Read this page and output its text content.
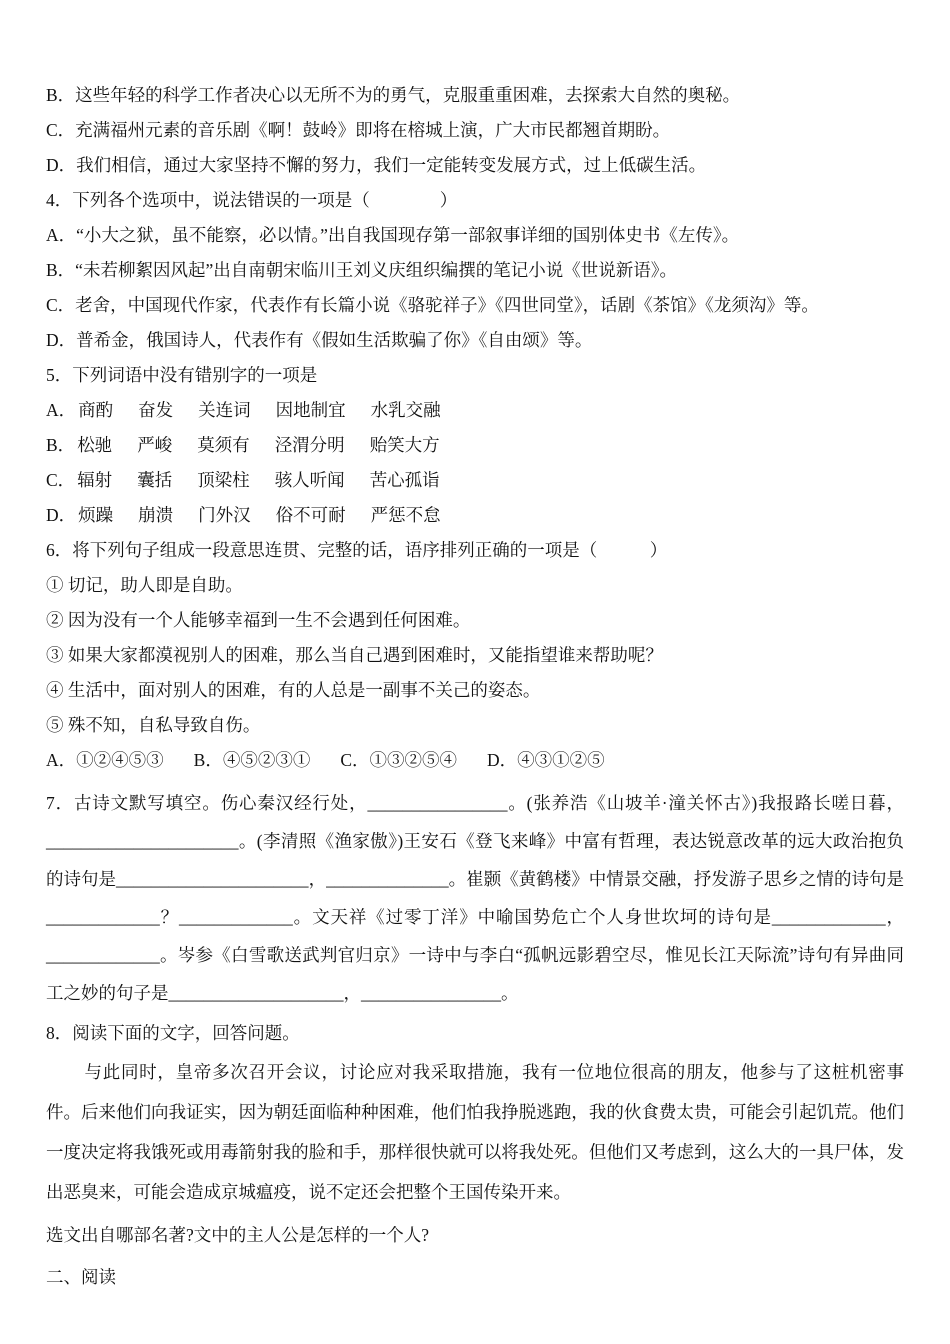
B．这些年轻的科学工作者决心以无所不为的勇气，克服重重困难，去探索大自然的奥秘。

C．充满福州元素的音乐剧《啊！鼓岭》即将在榕城上演，广大市民都翘首期盼。

D．我们相信，通过大家坚持不懈的努力，我们一定能转变发展方式，过上低碳生活。

4．下列各个选项中，说法错误的一项是（　　　　）

A．“小大之狱，虽不能察，必以情。”出自我国现存第一部叙事详细的国别体史书《左传》。

B．“未若柳絮因风起”出自南朝宋临川王刘义庆组织编撰的笔记小说《世说新语》。

C．老舍，中国现代作家，代表作有长篇小说《骆驼祥子》《四世同堂》，话剧《茶馆》《龙须沟》等。

D．普希金，俄国诗人，代表作有《假如生活欺骗了你》《自由颂》等。

5．下列词语中没有错别字的一项是

A． 商酌 奋发 关连词 因地制宜 水乳交融
B． 松驰 严峻 莫须有 泾渭分明 贻笑大方
C． 辐射 囊括 顶梁柱 骇人听闻 苦心孤诣
D． 烦躁 崩溃 门外汉 俗不可耐 严惩不怠

6．将下列句子组成一段意思连贯、完整的话，语序排列正确的一项是（　　　）

① 切记，助人即是自助。

② 因为没有一个人能够幸福到一生不会遇到任何困难。

③ 如果大家都漠视别人的困难，那么当自己遇到困难时，又能指望谁来帮助呢？

④ 生活中，面对别人的困难，有的人总是一副事不关己的姿态。

⑤ 殊不知，自私导致自伤。

A．①②④⑤③ B．④⑤②③① C．①③②⑤④ D．④③①②⑤

7．古诗文默写填空。伤心秦汉经行处，________________。(张养浩《山坡羊·潼关怀古》)我报路长嗟日暮，______________________。(李清照《渔家傲》)王安石《登飞来峰》中富有哲理，表达锐意改革的远大政治抱负的诗句是______________________，______________。崔颢《黄鹤楼》中情景交融，抒发游子思乡之情的诗句是_____________？_____________。文天祥《过零丁洋》中喻国势危亡个人身世坎坷的诗句是_____________，_____________。岑参《白雪歌送武判官归京》一诗中与李白“孤帆远影碧空尽，惟见长江天际流”诗句有异曲同工之妙的句子是____________________，________________。

8．阅读下面的文字，回答问题。

与此同时，皇帝多次召开会议，讨论应对我采取措施，我有一位地位很高的朋友，他参与了这桩机密事件。后来他们向我证实，因为朝廷面临种种困难，他们怕我挣脱逃跑，我的伙食费太贵，可能会引起饥荒。他们一度决定将我饿死或用毒箭射我的脸和手，那样很快就可以将我处死。但他们又考虑到，这么大的一具尸体，发出恶臭来，可能会造成京城瘟疫，说不定还会把整个王国传染开来。

选文出自哪部名著?文中的主人公是怎样的一个人?

二、阅读
